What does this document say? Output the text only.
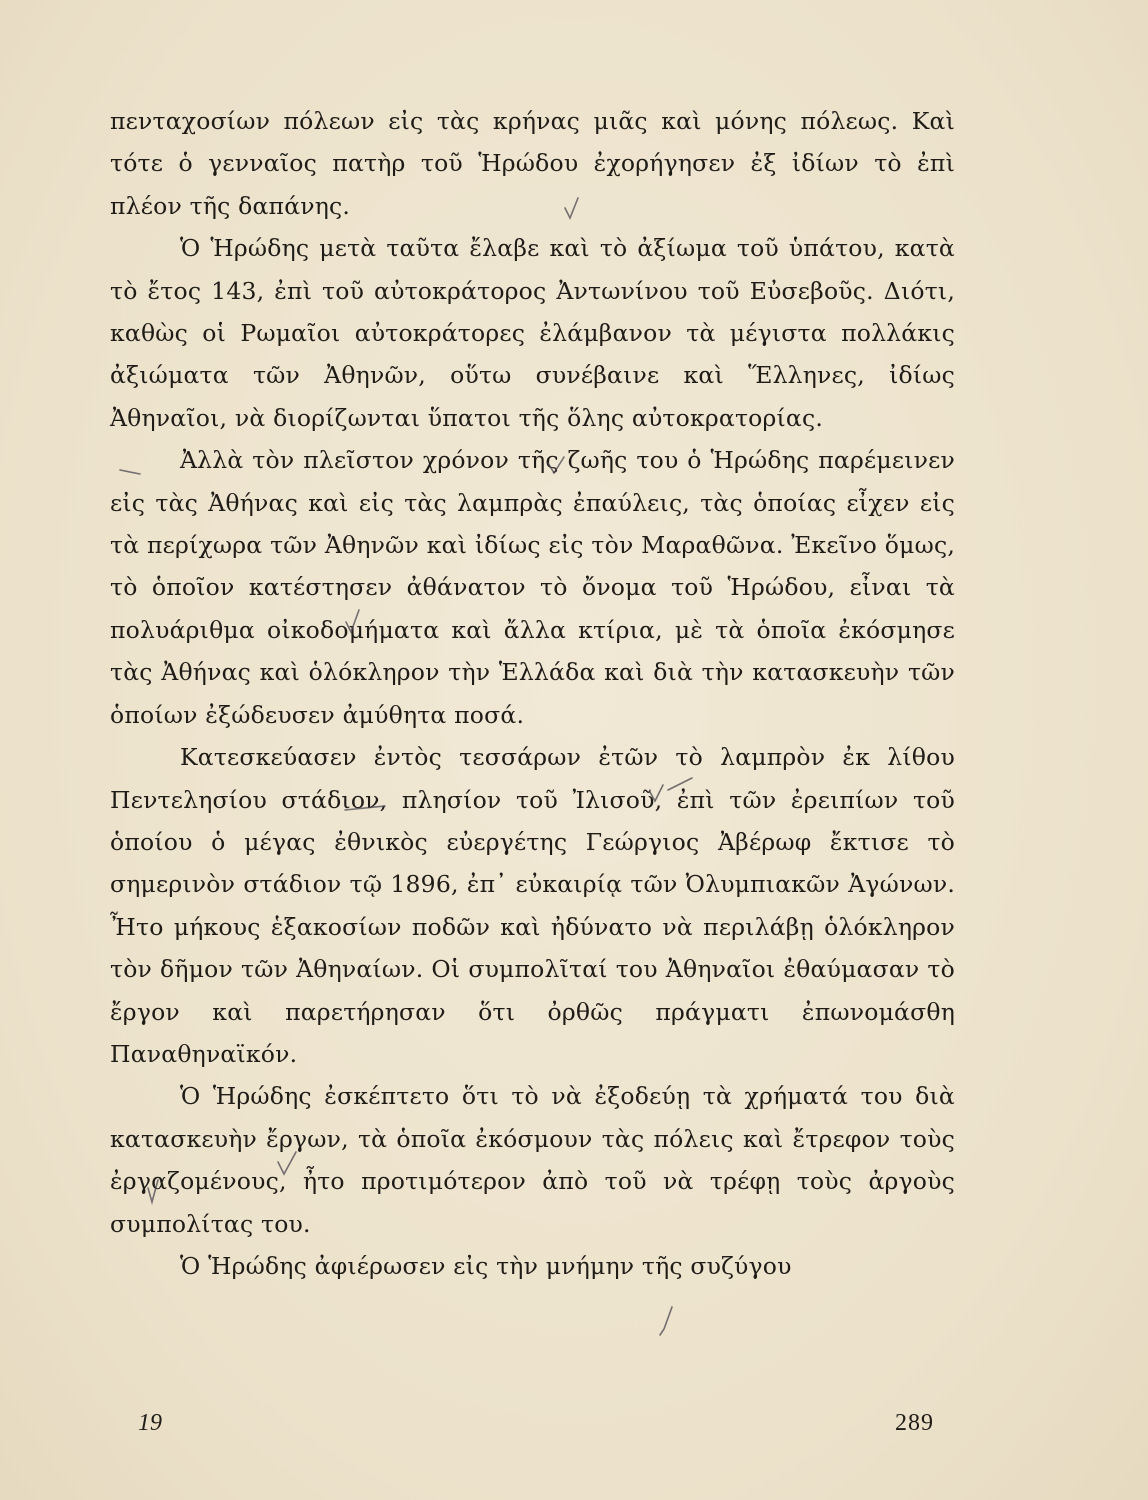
πενταχοσίων πόλεων εἰς τὰς κρήνας μιᾶς καὶ μόνης πόλεως. Καὶ τότε ὁ γενναῖος πατὴρ τοῦ Ἡρώδου ἐχορήγησεν ἐξ ἰδίων τὸ ἐπὶ πλέον τῆς δαπάνης.

Ὁ Ἡρώδης μετὰ ταῦτα ἔλαβε καὶ τὸ ἀξίωμα τοῦ ὑπάτου, κατὰ τὸ ἔτος 143, ἐπὶ τοῦ αὐτοκράτορος Ἀντωνίνου τοῦ Εὐσεβοῦς. Διότι, καθὼς οἱ Ρωμαῖοι αὐτοκράτορες ἐλάμβανον τὰ μέγιστα πολλάκις ἀξιώματα τῶν Ἀθηνῶν, οὕτω συνέβαινε καὶ Ἕλληνες, ἰδίως Ἀθηναῖοι, νὰ διορίζωνται ὕπατοι τῆς ὅλης αὐτοκρατορίας.

Ἀλλὰ τὸν πλεῖστον χρόνον τῆς ζωῆς του ὁ Ἡρώδης παρέμεινεν εἰς τὰς Ἀθήνας καὶ εἰς τὰς λαμπρὰς ἐπαύλεις, τὰς ὁποίας εἶχεν εἰς τὰ περίχωρα τῶν Ἀθηνῶν καὶ ἰδίως εἰς τὸν Μαραθῶνα. Ἐκεῖνο ὅμως, τὸ ὁποῖον κατέστησεν ἀθάνατον τὸ ὄνομα τοῦ Ἡρώδου, εἶναι τὰ πολυάριθμα οἰκοδομήματα καὶ ἄλλα κτίρια, μὲ τὰ ὁποῖα ἐκόσμησε τὰς Ἀθήνας καὶ ὁλόκληρον τὴν Ἑλλάδα καὶ διὰ τὴν κατασκευὴν τῶν ὁποίων ἐξώδευσεν ἀμύθητα ποσά.

Κατεσκεύασεν ἐντὸς τεσσάρων ἐτῶν τὸ λαμπρὸν ἐκ λίθου Πεντελησίου στάδιον, πλησίον τοῦ Ἰλισοῦ, ἐπὶ τῶν ἐρειπίων τοῦ ὁποίου ὁ μέγας ἐθνικὸς εὐεργέτης Γεώργιος Ἀβέρωφ ἔκτισε τὸ σημερινὸν στάδιον τῷ 1896, ἐπ᾽ εὐκαιρίᾳ τῶν Ὀλυμπιακῶν Ἀγώνων. Ἦτο μήκους ἑξακοσίων ποδῶν καὶ ἠδύνατο νὰ περιλάβῃ ὁλόκληρον τὸν δῆμον τῶν Ἀθηναίων. Οἱ συμπολῖταί του Ἀθηναῖοι ἐθαύμασαν τὸ ἔργον καὶ παρετήρησαν ὅτι ὀρθῶς πράγματι ἐπωνομάσθη Παναθηναϊκόν.

Ὁ Ἡρώδης ἐσκέπτετο ὅτι τὸ νὰ ἐξοδεύῃ τὰ χρήματά του διὰ κατασκευὴν ἔργων, τὰ ὁποῖα ἐκόσμουν τὰς πόλεις καὶ ἔτρεφον τοὺς ἐργαζομένους, ἦτο προτιμότερον ἀπὸ τοῦ νὰ τρέφῃ τοὺς ἀργοὺς συμπολίτας του.

Ὁ Ἡρώδης ἀφιέρωσεν εἰς τὴν μνήμην τῆς συζύγου

19	289
